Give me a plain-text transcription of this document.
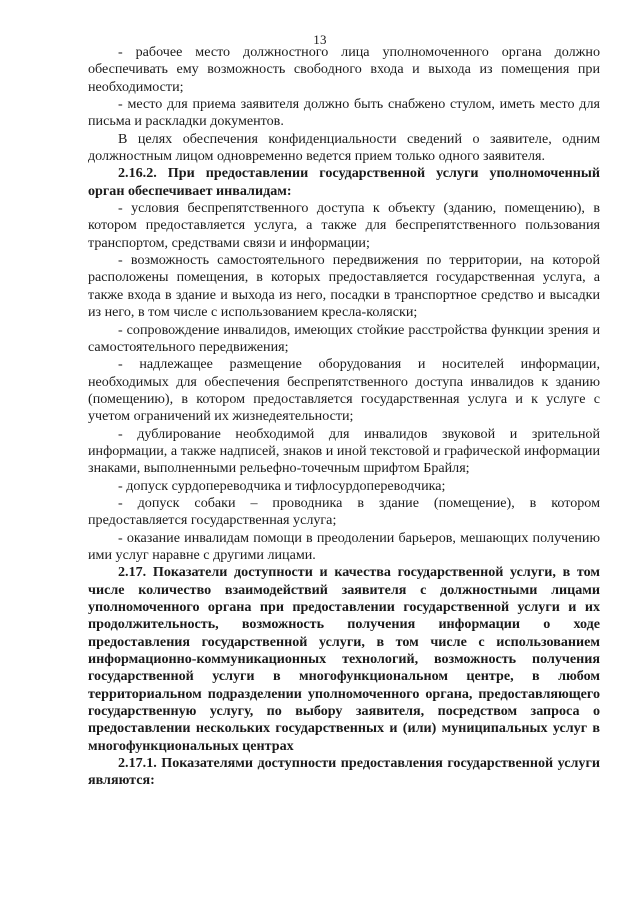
13

- рабочее место должностного лица уполномоченного органа должно обеспечивать ему возможность свободного входа и выхода из помещения при необходимости;

- место для приема заявителя должно быть снабжено стулом, иметь место для письма и раскладки документов.

В целях обеспечения конфиденциальности сведений о заявителе, одним должностным лицом одновременно ведется прием только одного заявителя.

2.16.2. При предоставлении государственной услуги уполномоченный орган обеспечивает инвалидам:

- условия беспрепятственного доступа к объекту (зданию, помещению), в котором предоставляется услуга, а также для беспрепятственного пользования транспортом, средствами связи и информации;

- возможность самостоятельного передвижения по территории, на которой расположены помещения, в которых предоставляется государственная услуга, а также входа в здание и выхода из него, посадки в транспортное средство и высадки из него, в том числе с использованием кресла-коляски;

- сопровождение инвалидов, имеющих стойкие расстройства функции зрения и самостоятельного передвижения;

- надлежащее размещение оборудования и носителей информации, необходимых для обеспечения беспрепятственного доступа инвалидов к зданию (помещению), в котором предоставляется государственная услуга и к услуге с учетом ограничений их жизнедеятельности;

- дублирование необходимой для инвалидов звуковой и зрительной информации, а также надписей, знаков и иной текстовой и графической информации знаками, выполненными рельефно-точечным шрифтом Брайля;

- допуск сурдопереводчика и тифлосурдопереводчика;

- допуск собаки – проводника в здание (помещение), в котором предоставляется государственная услуга;

- оказание инвалидам помощи в преодолении барьеров, мешающих получению ими услуг наравне с другими лицами.

2.17. Показатели доступности и качества государственной услуги, в том числе количество взаимодействий заявителя с должностными лицами уполномоченного органа при предоставлении государственной услуги и их продолжительность, возможность получения информации о ходе предоставления государственной услуги, в том числе с использованием информационно-коммуникационных технологий, возможность получения государственной услуги в многофункциональном центре, в любом территориальном подразделении уполномоченного органа, предоставляющего государственную услугу, по выбору заявителя, посредством запроса о предоставлении нескольких государственных и (или) муниципальных услуг в многофункциональных центрах

2.17.1. Показателями доступности предоставления государственной услуги являются:
